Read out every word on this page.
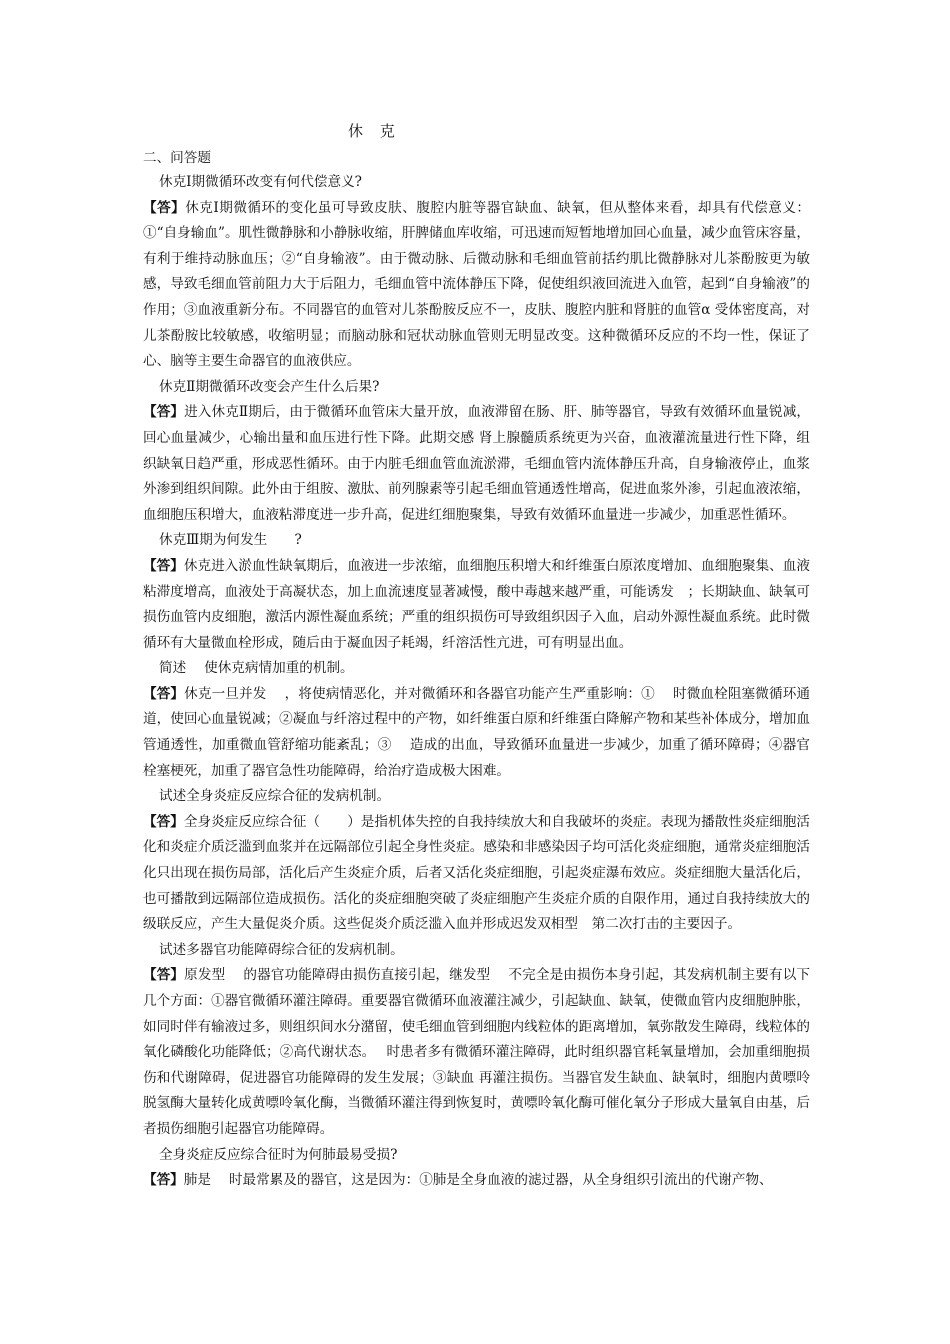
休 克
二、问答题

休克Ⅰ期微循环改变有何代偿意义?

【答】休克Ⅰ期微循环的变化虽可导致皮肤、腹腔内脏等器官缺血、缺氧，但从整体来看，却具有代偿意义：①“自身输血”。肌性微静脉和小静脉收缩，肝脾储血库收缩，可迅速而短暂地增加回心血量，减少血管床容量，有利于维持动脉血压；②“自身输液”。由于微动脉、后微动脉和毛细血管前括约肌比微静脉对儿茶酚胺更为敏感，导致毛细血管前阻力大于后阻力，毛细血管中流体静压下降，促使组织液回流进入血管，起到“自身输液”的作用；③血液重新分布。不同器官的血管对儿茶酚胺反应不一，皮肤、腹腔内脏和肾脏的血管α 受体密度高，对儿茶酚胺比较敏感，收缩明显；而脑动脉和冠状动脉血管则无明显改变。这种微循环反应的不均一性，保证了心、脑等主要生命器官的血液供应。

休克Ⅱ期微循环改变会产生什么后果?

【答】进入休克Ⅱ期后，由于微循环血管床大量开放，血液滞留在肠、肝、肺等器官，导致有效循环血量锐减，回心血量减少，心输出量和血压进行性下降。此期交感 肾上腺髓质系统更为兴奋，血液灌流量进行性下降，组织缺氧日趋严重，形成恶性循环。由于内脏毛细血管血流淤滞，毛细血管内流体静压升高，自身输液停止，血浆外渗到组织间隙。此外由于组胺、激肽、前列腺素等引起毛细血管通透性增高，促进血浆外渗，引起血液浓缩，血细胞压积增大，血液粘滞度进一步升高，促进红细胞聚集，导致有效循环血量进一步减少，加重恶性循环。

休克Ⅲ期为何发生　　?

【答】休克进入淤血性缺氧期后，血液进一步浓缩，血细胞压积增大和纤维蛋白原浓度增加、血细胞聚集、血液粘滞度增高，血液处于高凝状态，加上血流速度显著减慢，酸中毒越来越严重，可能诱发　；长期缺血、缺氧可损伤血管内皮细胞，激活内源性凝血系统；严重的组织损伤可导致组织因子入血，启动外源性凝血系统。此时微循环有大量微血栓形成，随后由于凝血因子耗竭，纤溶活性亢进，可有明显出血。

简述　 使休克病情加重的机制。

【答】休克一旦并发　 ，将使病情恶化，并对微循环和各器官功能产生严重影响：①　 时微血栓阻塞微循环通道，使回心血量锐减；②凝血与纤溶过程中的产物，如纤维蛋白原和纤维蛋白降解产物和某些补体成分，增加血管通透性，加重微血管舒缩功能紊乱；③　 造成的出血，导致循环血量进一步减少，加重了循环障碍；④器官栓塞梗死，加重了器官急性功能障碍，给治疗造成极大困难。

试述全身炎症反应综合征的发病机制。

【答】全身炎症反应综合征（　　）是指机体失控的自我持续放大和自我破坏的炎症。表现为播散性炎症细胞活化和炎症介质泛滥到血浆并在远隔部位引起全身性炎症。感染和非感染因子均可活化炎症细胞，通常炎症细胞活化只出现在损伤局部，活化后产生炎症介质，后者又活化炎症细胞，引起炎症瀑布效应。炎症细胞大量活化后，也可播散到远隔部位造成损伤。活化的炎症细胞突破了炎症细胞产生炎症介质的自限作用，通过自我持续放大的级联反应，产生大量促炎介质。这些促炎介质泛滥入血并形成迟发双相型　第二次打击的主要因子。

试述多器官功能障碍综合征的发病机制。

【答】原发型　 的器官功能障碍由损伤直接引起，继发型　 不完全是由损伤本身引起，其发病机制主要有以下几个方面：①器官微循环灌注障碍。重要器官微循环血液灌注减少，引起缺血、缺氧，使微血管内皮细胞肿胀，如同时伴有输液过多，则组织间水分潴留，使毛细血管到细胞内线粒体的距离增加，氧弥散发生障碍，线粒体的氧化磷酸化功能降低；②高代谢状态。　 时患者多有微循环灌注障碍，此时组织器官耗氧量增加，会加重细胞损伤和代谢障碍，促进器官功能障碍的发生发展；③缺血 再灌注损伤。当器官发生缺血、缺氧时，细胞内黄嘌呤脱氢酶大量转化成黄嘌呤氧化酶，当微循环灌注得到恢复时，黄嘌呤氧化酶可催化氧分子形成大量氧自由基，后者损伤细胞引起器官功能障碍。

全身炎症反应综合征时为何肺最易受损?

【答】肺是　 时最常累及的器官，这是因为：①肺是全身血液的滤过器，从全身组织引流出的代谢产物、
